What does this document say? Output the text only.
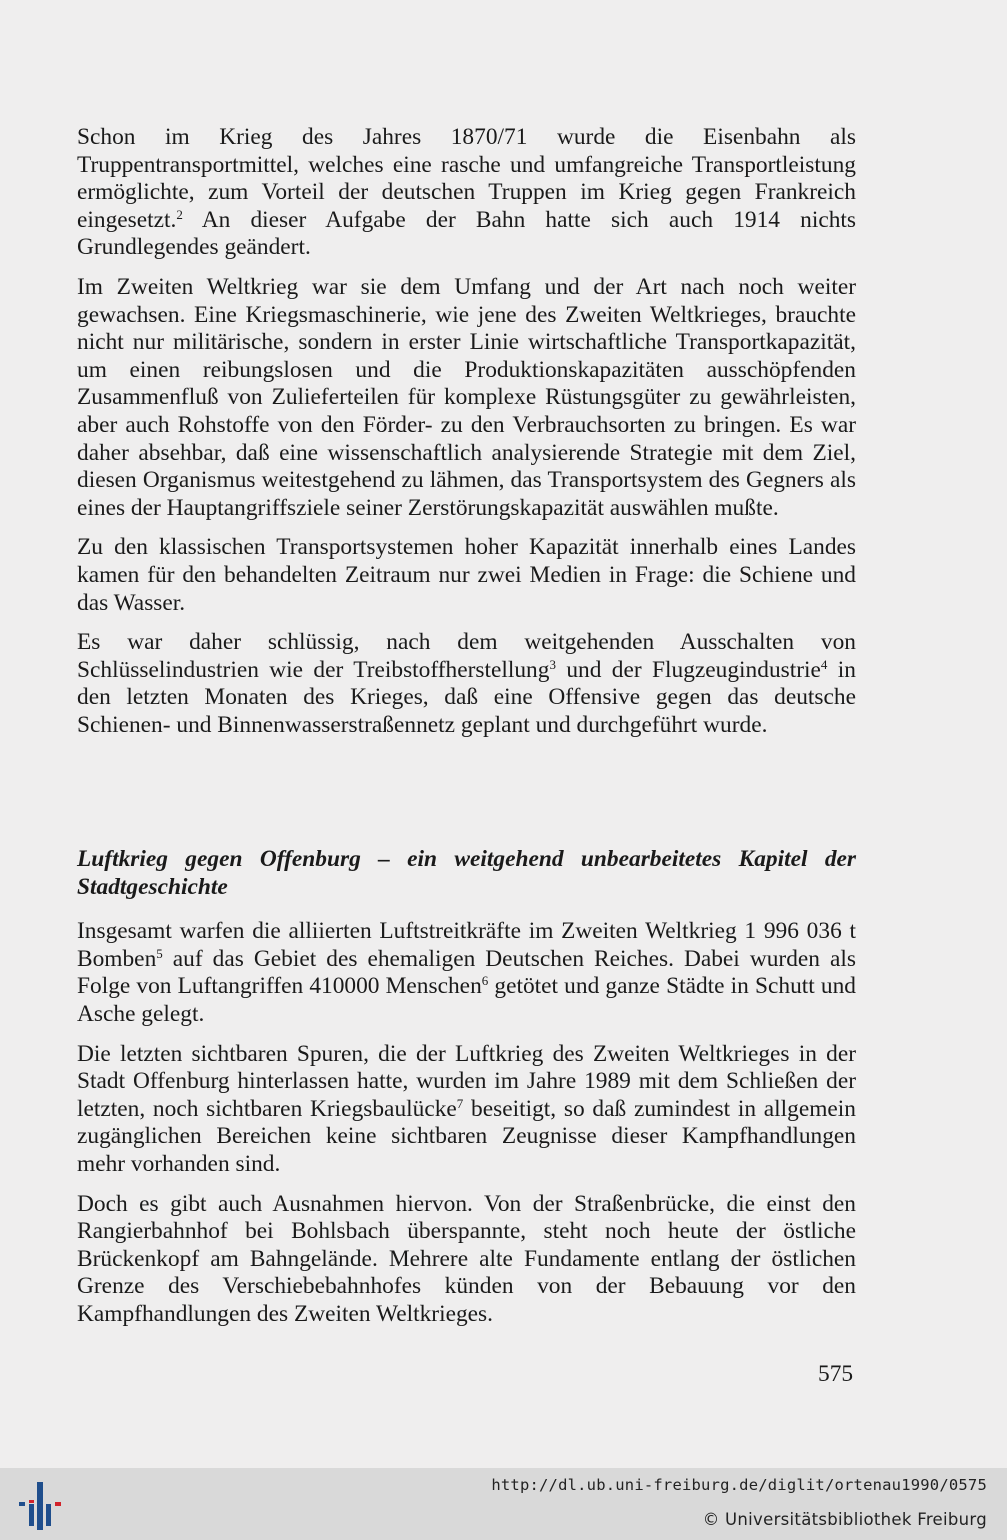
Schon im Krieg des Jahres 1870/71 wurde die Eisenbahn als Truppentransportmittel, welches eine rasche und umfangreiche Transportleistung ermöglichte, zum Vorteil der deutschen Truppen im Krieg gegen Frankreich eingesetzt.$^2$ An dieser Aufgabe der Bahn hatte sich auch 1914 nichts Grundlegendes geändert.

Im Zweiten Weltkrieg war sie dem Umfang und der Art nach noch weiter gewachsen. Eine Kriegsmaschinerie, wie jene des Zweiten Weltkrieges, brauchte nicht nur militärische, sondern in erster Linie wirtschaftliche Transportkapazität, um einen reibungslosen und die Produktionskapazitäten ausschöpfenden Zusammenfluß von Zulieferteilen für komplexe Rüstungsgüter zu gewährleisten, aber auch Rohstoffe von den Förder- zu den Verbrauchsorten zu bringen. Es war daher absehbar, daß eine wissenschaftlich analysierende Strategie mit dem Ziel, diesen Organismus weitestgehend zu lähmen, das Transportsystem des Gegners als eines der Hauptangriffsziele seiner Zerstörungskapazität auswählen mußte.

Zu den klassischen Transportsystemen hoher Kapazität innerhalb eines Landes kamen für den behandelten Zeitraum nur zwei Medien in Frage: die Schiene und das Wasser.

Es war daher schlüssig, nach dem weitgehenden Ausschalten von Schlüsselindustrien wie der Treibstoffherstellung$^3$ und der Flugzeugindustrie$^4$ in den letzten Monaten des Krieges, daß eine Offensive gegen das deutsche Schienen- und Binnenwasserstraßennetz geplant und durchgeführt wurde.

Luftkrieg gegen Offenburg – ein weitgehend unbearbeitetes Kapitel der Stadtgeschichte

Insgesamt warfen die alliierten Luftstreitkräfte im Zweiten Weltkrieg 1 996 036 t Bomben$^5$ auf das Gebiet des ehemaligen Deutschen Reiches. Dabei wurden als Folge von Luftangriffen 410000 Menschen$^6$ getötet und ganze Städte in Schutt und Asche gelegt.

Die letzten sichtbaren Spuren, die der Luftkrieg des Zweiten Weltkrieges in der Stadt Offenburg hinterlassen hatte, wurden im Jahre 1989 mit dem Schließen der letzten, noch sichtbaren Kriegsbaulücke$^7$ beseitigt, so daß zumindest in allgemein zugänglichen Bereichen keine sichtbaren Zeugnisse dieser Kampfhandlungen mehr vorhanden sind.

Doch es gibt auch Ausnahmen hiervon. Von der Straßenbrücke, die einst den Rangierbahnhof bei Bohlsbach überspannte, steht noch heute der östliche Brückenkopf am Bahngelände. Mehrere alte Fundamente entlang der östlichen Grenze des Verschiebebahnhofes künden von der Bebauung vor den Kampfhandlungen des Zweiten Weltkrieges.

575
http://dl.ub.uni-freiburg.de/diglit/ortenau1990/0575
© Universitätsbibliothek Freiburg
